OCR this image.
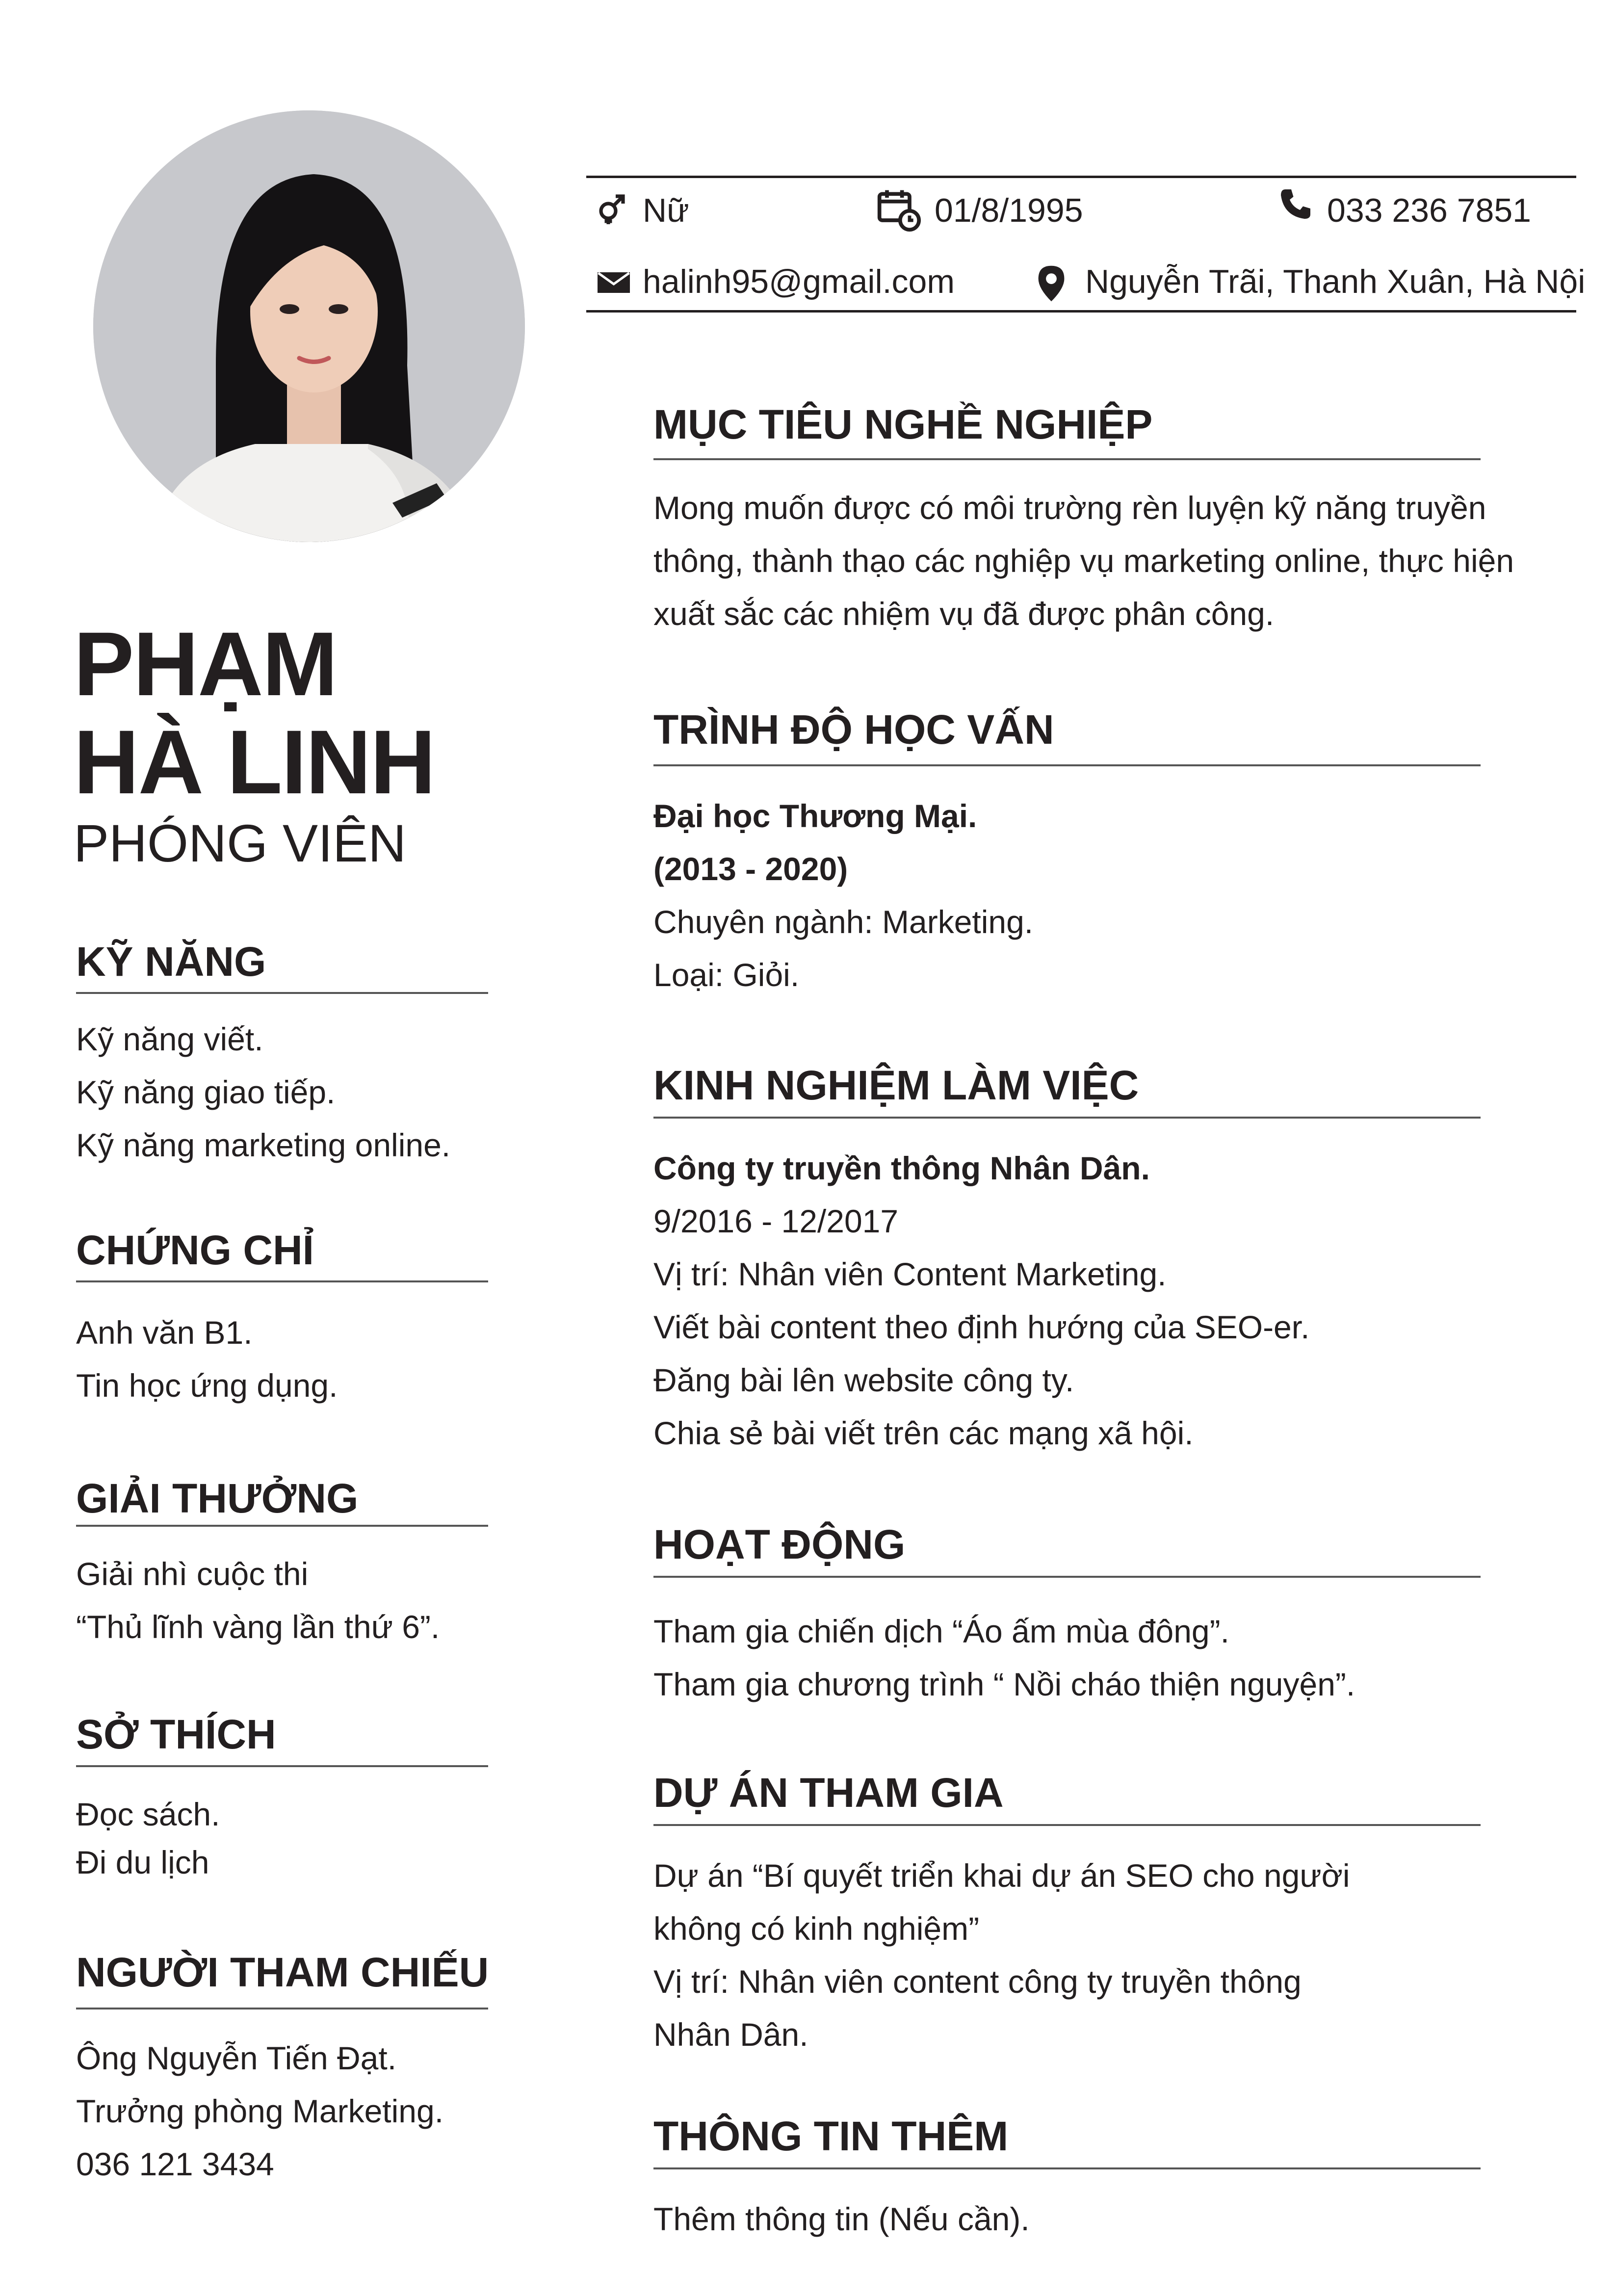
PHẠM
HÀ LINH
PHÓNG VIÊN
Nữ	01/8/1995	033 236 7851
halinh95@gmail.com	Nguyễn Trãi, Thanh Xuân, Hà Nội
KỸ NĂNG
Kỹ năng viết.
Kỹ năng giao tiếp.
Kỹ năng marketing online.
CHỨNG CHỈ
Anh văn B1.
Tin học ứng dụng.
GIẢI THƯỞNG
Giải nhì cuộc thi
“Thủ lĩnh vàng lần thứ 6”.
SỞ THÍCH
Đọc sách.
Đi du lịch
NGƯỜI THAM CHIẾU
Ông Nguyễn Tiến Đạt.
Trưởng phòng Marketing.
036 121 3434
MỤC TIÊU NGHỀ NGHIỆP
Mong muốn được có môi trường rèn luyện kỹ năng truyền
thông, thành thạo các nghiệp vụ marketing online, thực hiện
xuất sắc các nhiệm vụ đã được phân công.
TRÌNH ĐỘ HỌC VẤN
Đại học Thương Mại.
(2013 - 2020)
Chuyên ngành: Marketing.
Loại: Giỏi.
KINH NGHIỆM LÀM VIỆC
Công ty truyền thông Nhân Dân.
9/2016 - 12/2017
Vị trí: Nhân viên Content Marketing.
Viết bài content theo định hướng của SEO-er.
Đăng bài lên website công ty.
Chia sẻ bài viết trên các mạng xã hội.
HOẠT ĐỘNG
Tham gia chiến dịch “Áo ấm mùa đông”.
Tham gia chương trình “ Nồi cháo thiện nguyện”.
DỰ ÁN THAM GIA
Dự án “Bí quyết triển khai dự án SEO cho người
không có kinh nghiệm”
Vị trí: Nhân viên content công ty truyền thông
Nhân Dân.
THÔNG TIN THÊM
Thêm thông tin (Nếu cần).
